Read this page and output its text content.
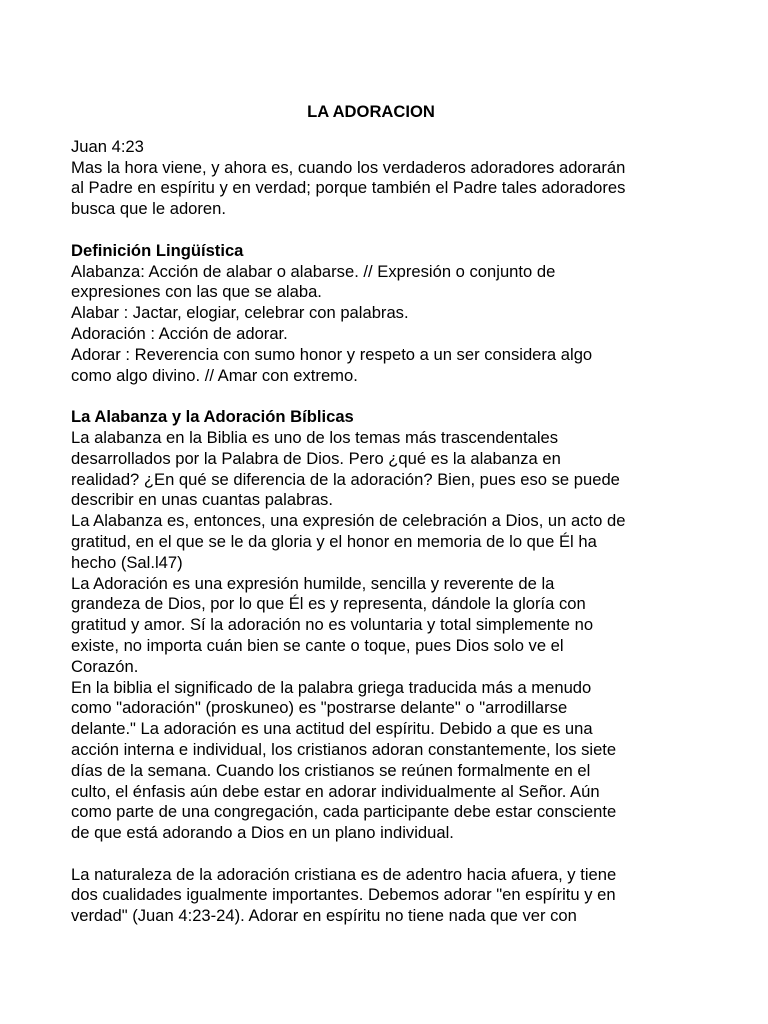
LA ADORACION
Juan 4:23
Mas la hora viene, y ahora es, cuando los verdaderos adoradores adorarán
al Padre en espíritu y en verdad; porque también el Padre tales adoradores
busca que le adoren.
Definición Lingüística
Alabanza: Acción de alabar o alabarse. // Expresión o conjunto de
expresiones con las que se alaba.
Alabar : Jactar, elogiar, celebrar con palabras.
Adoración : Acción de adorar.
Adorar : Reverencia con sumo honor y respeto a un ser considera algo
como algo divino. // Amar con extremo.
La Alabanza y la Adoración Bíblicas
La alabanza en la Biblia es uno de los temas más trascendentales
desarrollados por la Palabra de Dios. Pero ¿qué es la alabanza en
realidad? ¿En qué se diferencia de la adoración? Bien, pues eso se puede
describir en unas cuantas palabras.
La Alabanza es, entonces, una expresión de celebración a Dios, un acto de
gratitud, en el que se le da gloria y el honor en memoria de lo que Él ha
hecho (Sal.l47)
La Adoración es una expresión humilde, sencilla y reverente de la
grandeza de Dios, por lo que Él es y representa, dándole la gloría con
gratitud y amor. Sí la adoración no es voluntaria y total simplemente no
existe, no importa cuán bien se cante o toque, pues Dios solo ve el
Corazón.
En la biblia el significado de la palabra griega traducida más a menudo
como "adoración" (proskuneo) es "postrarse delante" o "arrodillarse
delante." La adoración es una actitud del espíritu. Debido a que es una
acción interna e individual, los cristianos adoran constantemente, los siete
días de la semana. Cuando los cristianos se reúnen formalmente en el
culto, el énfasis aún debe estar en adorar individualmente al Señor. Aún
como parte de una congregación, cada participante debe estar consciente
de que está adorando a Dios en un plano individual.
La naturaleza de la adoración cristiana es de adentro hacia afuera, y tiene
dos cualidades igualmente importantes. Debemos adorar "en espíritu y en
verdad" (Juan 4:23-24). Adorar en espíritu no tiene nada que ver con
